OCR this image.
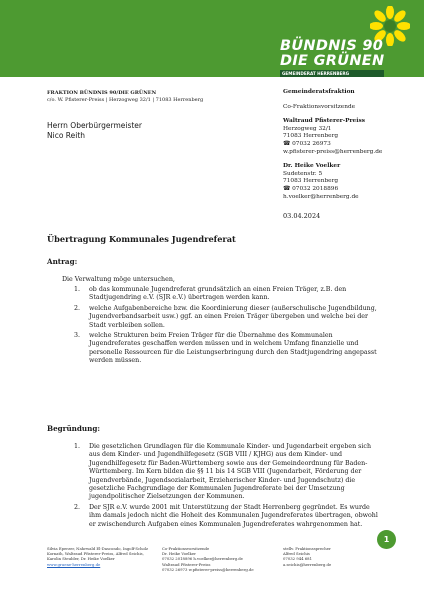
BÜNDNIS 90
DIE GRÜNEN
GEMEINDERAT HERRENBERG
FRAKTION BÜNDNIS 90/DIE GRÜNEN
c/o. W. Pfisterer-Preiss | Herzogweg 32/1 | 71083 Herrenberg
Herrn Oberbürgermeister
Nico Reith
Gemeinderatsfraktion
Co-Fraktionsvorsitzende
Waltraud Pfisterer-Preiss
Herzogweg 32/1
71083 Herrenberg
☎ 07032 26973
w.pfisterer-preiss@herrenberg.de
Dr. Heike Voelker
Sudetenstr. 5
71083 Herrenberg
☎ 07032 2018896
h.voelker@herrenberg.de
03.04.2024
Übertragung Kommunales Jugendreferat
Antrag:
Die Verwaltung möge untersuchen,
1. ob das kommunale Jugendreferat grundsätzlich an einen Freien Träger, z.B. den Stadtjugendring e.V. (SJR e.V.) übertragen werden kann.
2. welche Aufgabenbereiche bzw. die Koordinierung dieser (außerschulische Jugendbildung, Jugendverbandsarbeit usw.) ggf. an einen Freien Träger übergeben und welche bei der Stadt verbleiben sollen.
3. welche Strukturen beim Freien Träger für die Übernahme des Kommunalen Jugendreferates geschaffen werden müssen und in welchem Umfang finanzielle und personelle Ressourcen für die Leistungserbringung durch den Stadtjugendring angepasst werden müssen.
Begründung:
1. Die gesetzlichen Grundlagen für die Kommunale Kinder- und Jugendarbeit ergeben sich aus dem Kinder- und Jugendhilfegesetz (SGB VIII / KJHG) aus dem Kinder- und Jugendhilfegesetz für Baden-Württemberg sowie aus der Gemeindeordnung für Baden-Württemberg. Im Kern bilden die §§ 11 bis 14 SGB VIII (Jugendarbeit, Förderung der Jugendverbände, Jugendsozialarbeit, Erzieherischer Kinder- und Jugendschutz) die gesetzliche Fachgrundlage der Kommunalen Jugendreferate bei der Umsetzung jugendpolitischer Zielsetzungen der Kommunen.
2. Der SJR e.V. wurde 2001 mit Unterstützung der Stadt Herrenberg gegründet. Es wurde ihm damals jedoch nicht die Hoheit des Kommunalen Jugendreferates übertragen, obwohl er zwischendurch Aufgaben eines Kommunalen Jugendreferates wahrgenommen hat.
Silvia Eperzer, Nahrwald El-Dascondo, Ingolf-Scholz
Kornath, Waltraud Pfisterer-Preiss, Alfred Seichis,
Karolin Steubler, Dr. Heike Voelker
www.gruene-herrenberg.de
Co-Fraktionsvorsitzende
Dr. Heike Voelker
07032 2018896 h.voelker@herrenberg.de
Waltraud Pfisterer-Preiss
07032 26973 w.pfisterer-preiss@herrenberg.de
stellv. Fraktionssprecher
Alfred Seichis
07032 944 681
a.seichis@herrenberg.de
1
